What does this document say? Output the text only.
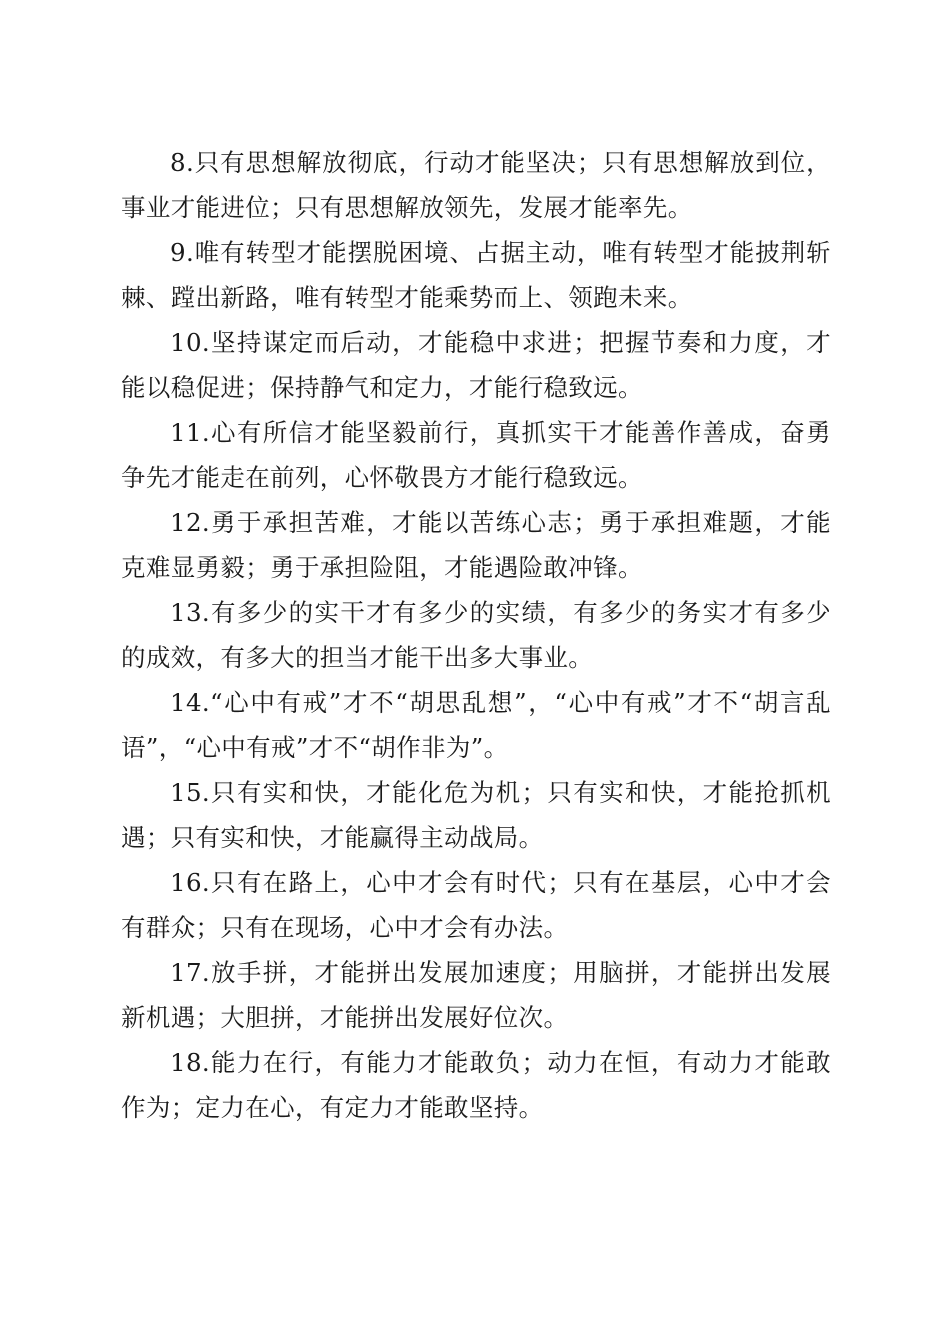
8.只有思想解放彻底，行动才能坚决；只有思想解放到位，事业才能进位；只有思想解放领先，发展才能率先。

9.唯有转型才能摆脱困境、占据主动，唯有转型才能披荆斩棘、蹚出新路，唯有转型才能乘势而上、领跑未来。

10.坚持谋定而后动，才能稳中求进；把握节奏和力度，才能以稳促进；保持静气和定力，才能行稳致远。

11.心有所信才能坚毅前行，真抓实干才能善作善成，奋勇争先才能走在前列，心怀敬畏方才能行稳致远。

12.勇于承担苦难，才能以苦练心志；勇于承担难题，才能克难显勇毅；勇于承担险阻，才能遇险敢冲锋。

13.有多少的实干才有多少的实绩，有多少的务实才有多少的成效，有多大的担当才能干出多大事业。

14.“心中有戒”才不“胡思乱想”，“心中有戒”才不“胡言乱语”，“心中有戒”才不“胡作非为”。

15.只有实和快，才能化危为机；只有实和快，才能抢抓机遇；只有实和快，才能赢得主动战局。

16.只有在路上，心中才会有时代；只有在基层，心中才会有群众；只有在现场，心中才会有办法。

17.放手拼，才能拼出发展加速度；用脑拼，才能拼出发展新机遇；大胆拼，才能拼出发展好位次。

18.能力在行，有能力才能敢负；动力在恒，有动力才能敢作为；定力在心，有定力才能敢坚持。
